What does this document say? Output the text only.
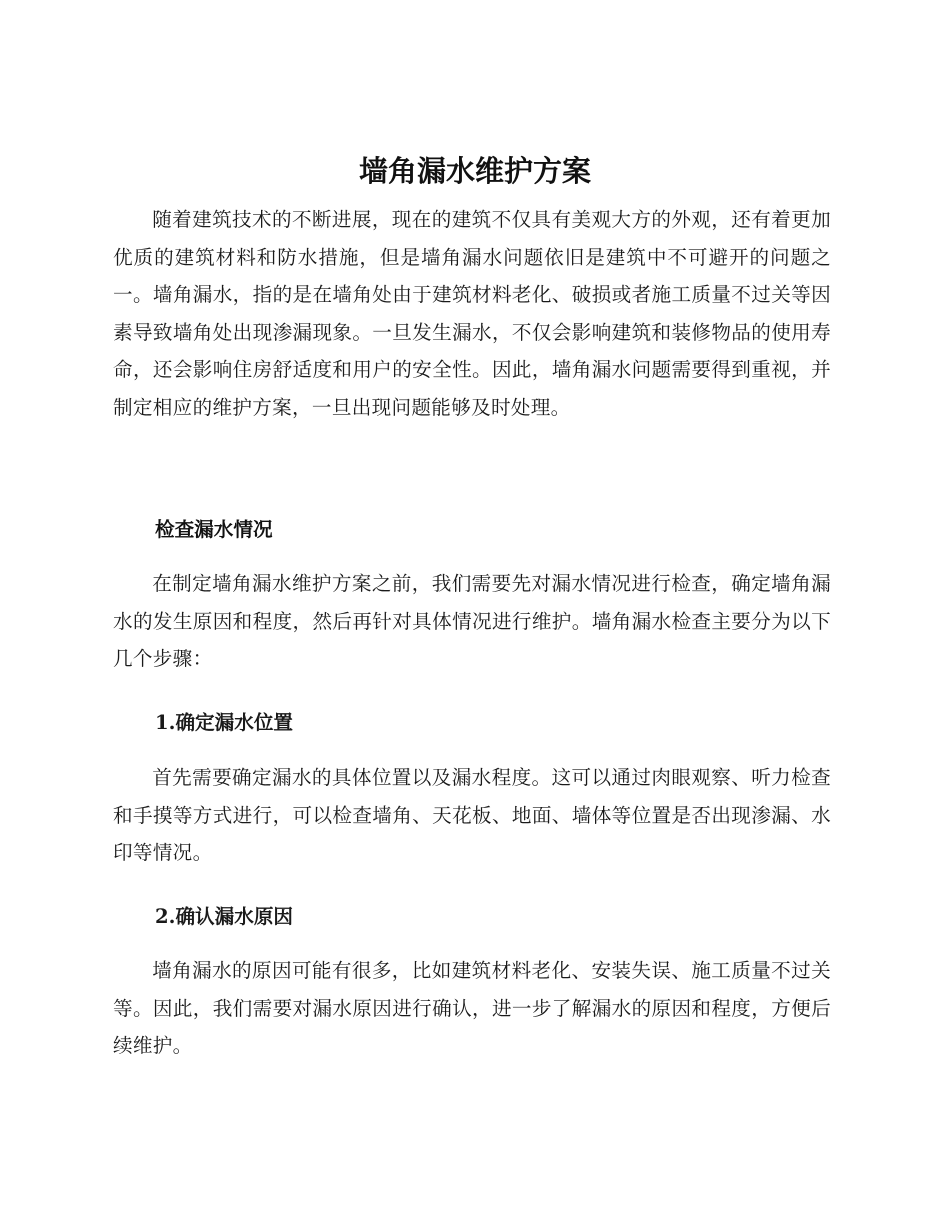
墙角漏水维护方案

随着建筑技术的不断进展，现在的建筑不仅具有美观大方的外观，还有着更加优质的建筑材料和防水措施，但是墙角漏水问题依旧是建筑中不可避开的问题之一。墙角漏水，指的是在墙角处由于建筑材料老化、破损或者施工质量不过关等因素导致墙角处出现渗漏现象。一旦发生漏水，不仅会影响建筑和装修物品的使用寿命，还会影响住房舒适度和用户的安全性。因此，墙角漏水问题需要得到重视，并制定相应的维护方案，一旦出现问题能够及时处理。

检查漏水情况

在制定墙角漏水维护方案之前，我们需要先对漏水情况进行检查，确定墙角漏水的发生原因和程度，然后再针对具体情况进行维护。墙角漏水检查主要分为以下几个步骤：

1.确定漏水位置

首先需要确定漏水的具体位置以及漏水程度。这可以通过肉眼观察、听力检查和手摸等方式进行，可以检查墙角、天花板、地面、墙体等位置是否出现渗漏、水印等情况。

2.确认漏水原因

墙角漏水的原因可能有很多，比如建筑材料老化、安装失误、施工质量不过关等。因此，我们需要对漏水原因进行确认，进一步了解漏水的原因和程度，方便后续维护。
